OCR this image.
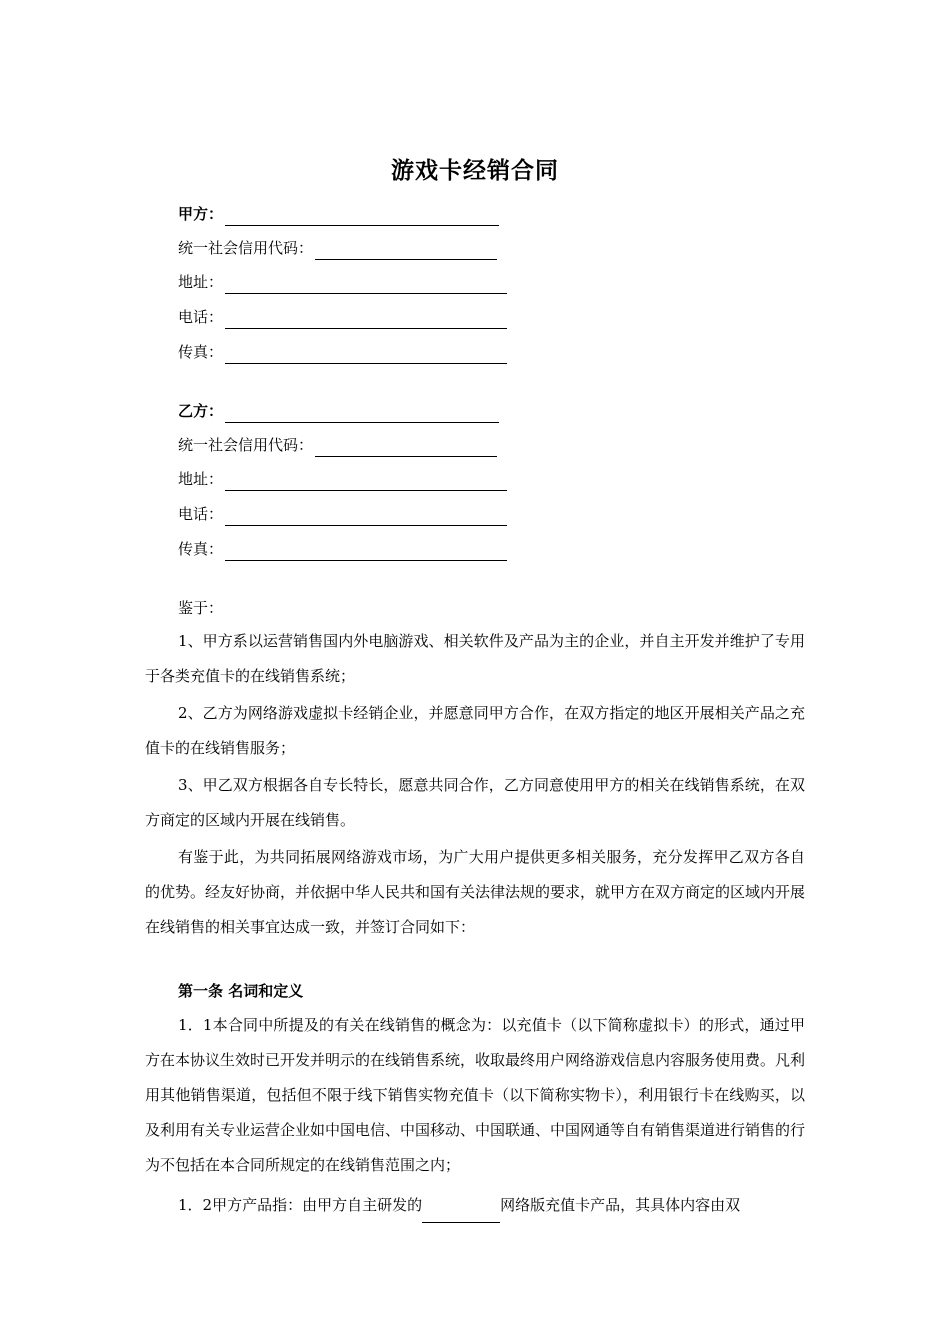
游戏卡经销合同
甲方：
统一社会信用代码：
地址：
电话：
传真：
乙方：
统一社会信用代码：
地址：
电话：
传真：
鉴于：

1、甲方系以运营销售国内外电脑游戏、相关软件及产品为主的企业，并自主开发并维护了专用于各类充值卡的在线销售系统；

2、乙方为网络游戏虚拟卡经销企业，并愿意同甲方合作，在双方指定的地区开展相关产品之充值卡的在线销售服务；

3、甲乙双方根据各自专长特长，愿意共同合作，乙方同意使用甲方的相关在线销售系统，在双方商定的区域内开展在线销售。

有鉴于此，为共同拓展网络游戏市场，为广大用户提供更多相关服务，充分发挥甲乙双方各自的优势。经友好协商，并依据中华人民共和国有关法律法规的要求，就甲方在双方商定的区域内开展在线销售的相关事宜达成一致，并签订合同如下：

第一条 名词和定义

1．1本合同中所提及的有关在线销售的概念为：以充值卡（以下简称虚拟卡）的形式，通过甲方在本协议生效时已开发并明示的在线销售系统，收取最终用户网络游戏信息内容服务使用费。凡利用其他销售渠道，包括但不限于线下销售实物充值卡（以下简称实物卡），利用银行卡在线购买，以及利用有关专业运营企业如中国电信、中国移动、中国联通、中国网通等自有销售渠道进行销售的行为不包括在本合同所规定的在线销售范围之内；

1．2甲方产品指：由甲方自主研发的	网络版充值卡产品，其具体内容由双
